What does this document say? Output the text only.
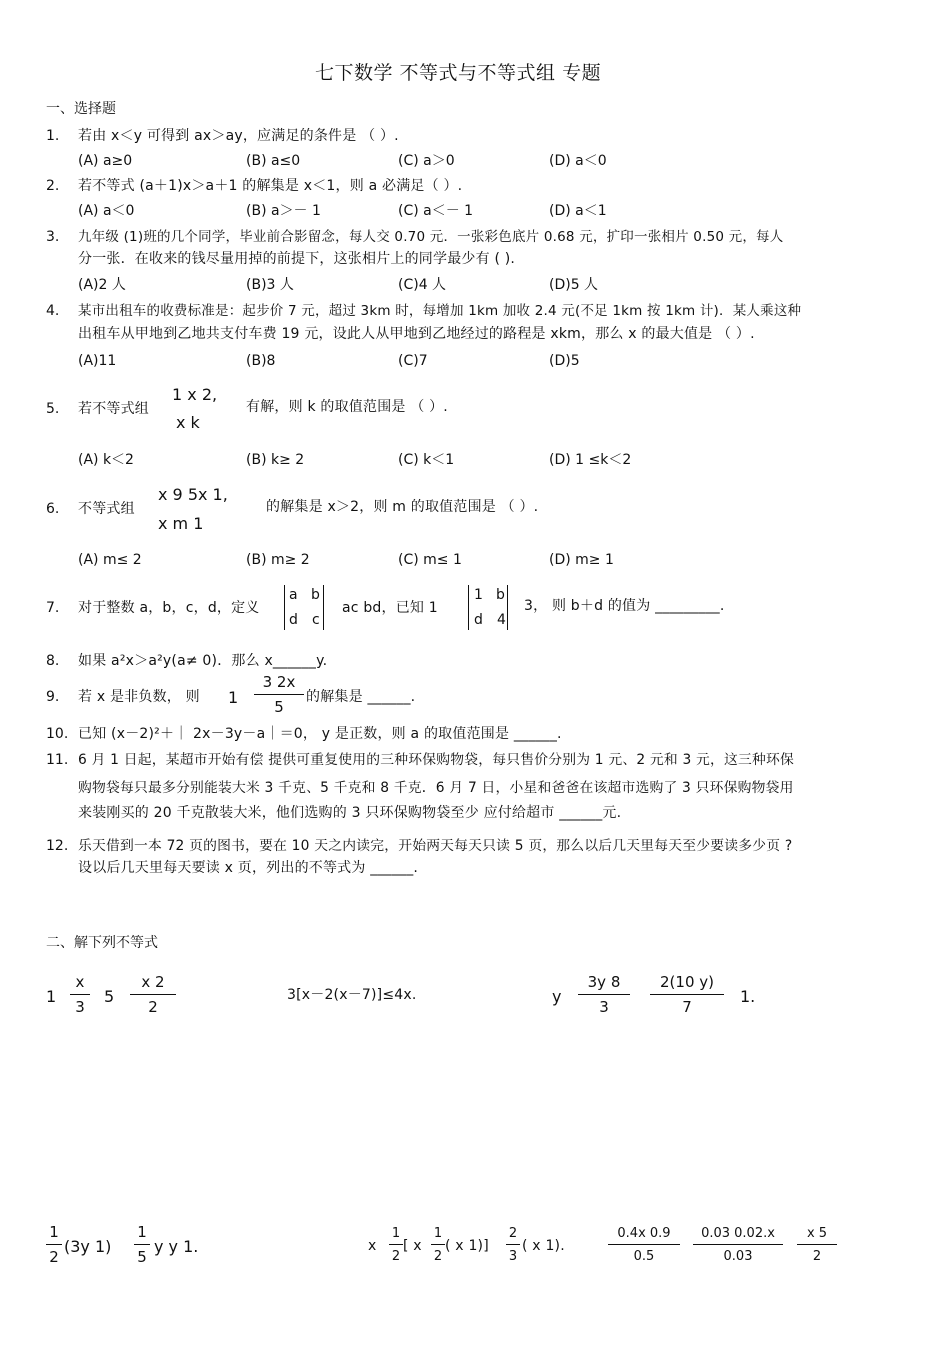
七下数学 不等式与不等式组 专题
一、选择题
1. 若由 x＜y 可得到 ax＞ay，应满足的条件是 （ ）.
(A) a≥0	(B) a≤0	(C) a＞0	(D) a＜0
2. 若不等式 (a＋1)x＞a＋1 的解集是 x＜1，则 a 必满足（ ）.
(A) a＜0	(B) a＞－ 1	(C) a＜－ 1	(D) a＜1
3. 九年级 (1)班的几个同学，毕业前合影留念，每人交 0.70 元．一张彩色底片 0.68 元，扩印一张相片 0.50 元，每人
分一张．在收来的钱尽量用掉的前提下，这张相片上的同学最少有 ( ).
(A)2 人	(B)3 人	(C)4 人	(D)5 人
4. 某市出租车的收费标准是：起步价 7 元，超过 3km 时，每增加 1km 加收 2.4 元(不足 1km 按 1km 计)．某人乘这种
出租车从甲地到乙地共支付车费 19 元，设此人从甲地到乙地经过的路程是 xkm，那么 x 的最大值是 （ ）.
(A)11	(B)8	(C)7	(D)5
5. 若不等式组
1 x 2,
x k
有解，则 k 的取值范围是 （ ）.
(A) k＜2	(B) k≥ 2	(C) k＜1	(D) 1 ≤k＜2
6. 不等式组
x 9 5x 1,
x m 1
的解集是 x＞2，则 m 的取值范围是 （ ）.
(A) m≤ 2	(B) m≥ 2	(C) m≤ 1	(D) m≥ 1
7. 对于整数 a，b，c，d，定义
a b
d c
ac bd，已知 1
1 b
d 4
3， 则 b＋d 的值为 _________.
8. 如果 a²x＞a²y(a≠ 0)．那么 x______y.
9. 若 x 是非负数， 则 1
3 2x
5
的解集是 ______.
10. 已知 (x－2)²＋｜ 2x－3y－a｜＝0， y 是正数，则 a 的取值范围是 ______.
11. 6 月 1 日起，某超市开始有偿 提供可重复使用的三种环保购物袋，每只售价分别为 1 元、2 元和 3 元，这三种环保
购物袋每只最多分别能装大米 3 千克、5 千克和 8 千克．6 月 7 日，小星和爸爸在该超市选购了 3 只环保购物袋用
来装刚买的 20 千克散装大米，他们选购的 3 只环保购物袋至少 应付给超市 ______元.
12. 乐天借到一本 72 页的图书，要在 10 天之内读完，开始两天每天只读 5 页，那么以后几天里每天至少要读多少页 ?
设以后几天里每天要读 x 页，列出的不等式为 ______.
二、解下列不等式
1
x
3
5
x 2
2
3[x－2(x－7)]≤4x.	y
3y 8
3
2(10 y)
7
1.
1
2
(3y 1)
1
5
y y 1.	x
1
2
[ x
1
2
( x 1)]
2
3
( x 1).
0.4x 0.9
0.5
0.03 0.02.x
0.03
x 5
2
